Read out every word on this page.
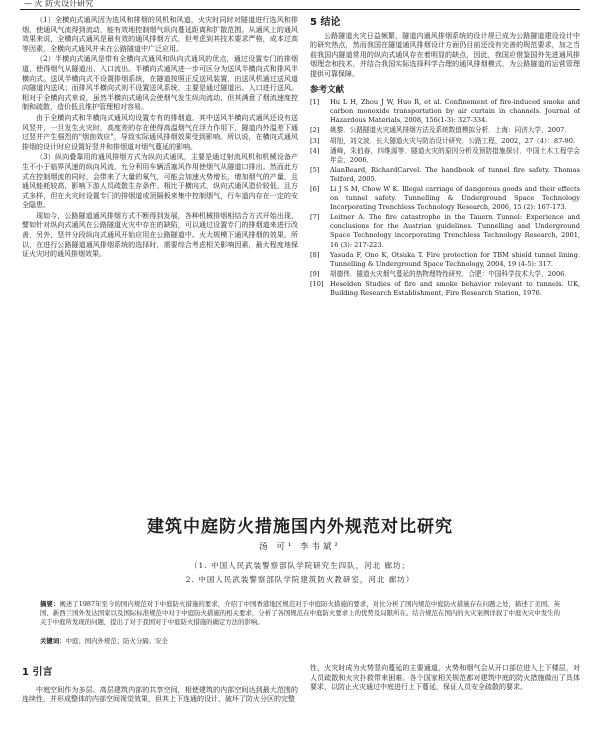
— 火 防火设计研究

（1）全横向式通风因为选风和排烟的风机和风道，火灾时同时对隧道进行选风和排烟，使通风气流得到流动，能有效地控制烟气纵向蔓延距离和扩散范围。从通风上的通风效果来说，全横向式通风是最有效的通风排烟方式，但考虑到其技术要求严格，成本过高等因素，全横向式通风并未在公路隧道中广泛应用。

（2）半横向式通风是带有全横向式通风和纵向式通风的优点，通过设置专门的排烟道，使得烟气从隧道出、入口流出。半横向式通风进一步可区分为送风半横向式和排风半横向式。送风半横向式不设置排烟系统，在隧道按照正反送风装置，由送风机通过送风道向隧道内送风；而排风半横向式则不设置送风系统，主要是通过隧道出、入口进行送风。相对于全横向式来说，虽然半横向式通风会使烟气发生纵向流动，但其满意了烟流速度控制和疏散，造价低且维护管理相对容易。

由于全横向式和半横向式通风均设置专有的排烟道，其中送风半横向式通风还设有送风竖井，一旦发生火灾时，高度差的存在使得高温烟气在浮力作用下，隧道内外温差下通过竖井产生强烈的"烟囱效应"，导致实际通风排烟效果受到影响。所以说，在横向式通风排烟的设计时应设置好竖井和排烟道对烟气蔓延的影响。

（3）纵向叠靠用的通风排烟方式为纵向式通风，主要是通过射流风机和机械设备产生不小于临界风速的纵向风流，允分利用车辆活塞风作用使烟气从隧道口排出。然而此方式在控制烟流的同时，会带来了大量的氧气，可能会加速火势增长，增加烟气的产量，且通风能耗较高，影响下游人员疏散生存条件。相比于横向式，纵向式通风造价较低，且方式多样，但在火灾时设置专门的排烟道或顶隔板来集中控制烟气，行车道内存在一定的安全隐患。

现如今，公路隧道通风排烟方式不断得到发展，各种机械排烟相结合方式开始出现，譬如针对纵向式通风在公路隧道火灾中存在的缺陷，可以通过设置专门的排烟道来进行改善，另外，竖井分段纵向式通风开始应用在公路隧道中。火大规模下通风排烟的效果，所以，在进行公路隧道通风排烟系统的选择时，需要综合考虑相关影响因素，最大程度地保证火灾时的通风排烟效果。

5 结论

公路隧道火灾日益频繁，隧道内通风排烟系统的设计规已成为公路隧道建设设计中的研究热点，然而我国在隧道通风排烟设计方面仍目前还没有完善的规范要求，加之当前我国内隧道常用的纵向式通风存在着明显的缺点，因此，我国应借鉴国外先进通风排烟理念和技术，并结合我国实际选择科学合理的通风排烟模式，为公路隧道的运营管理提供可靠保障。

参考文献
[1] Hu L H, Zhou J W, Huo R, et al. Confinement of fire-induced smoke and carbon monoxide transportation by air curtain in channels. Journal of Hazardous Materials, 2008, 156(1-3): 327-334.
[2] 姚黎．公路隧道火灾通风排烟方法及系统数值模拟分析．上海：同济大学，2007．
[3] 胡旭，刘文波．长大隧道火灾与防治设计研究．公路工程，2002，27（4）：87-90.
[4] 潘峰，朱伯春，四维源等．隧道火灾的原因分析及预防措施探讨．中国土木工程学会年会，2006．
[5] AlanBeard, RichardCarvel. The handbook of tunnel fire safety. Thomas Telford, 2005.
[6] Li J S M, Chow W K. Illegal carriage of dangerous goods and their effects on tunnel safety. Tunnelling & Underground Space Technology Incorporating Trenchless Technology Research, 2006, 15 (2): 167-173.
[7] Leitner A. The fire catastrophe in the Tauern Tunnel: Experience and conclusions for the Austrian guidelines. Tunnelling and Underground Space Technology incorporating Trenchless Technology Research, 2001, 16 (3): 217-223.
[8] Yasuda F, Ono K, Otsuka T. Fire protection for TBM shield tunnel lining. Tunnelling & Underground Space Technology, 2004, 19 (4-5): 317.
[9] 胡德伟．隧道火灾烟气蔓延的热物理特性研究．合肥：中国科学技术大学，2006．
[10] Heselden Studies of fire and smoke behavior relevant to tunnels. UK, Building Research Establishment, Fire Research Station, 1976.
建筑中庭防火措施国内外规范对比研究
汤 可¹ 李韦斌²
（1. 中国人民武装警察部队学院研究生四队，河北 廊坊；
2. 中国人民武装警察部队学院建筑防火教研室，河北 廊坊）
摘要：阐述了1987年至今的国内规范对于中庭防火措施的要求，介绍了中国香港地区规范对于中庭防火措施的要求，对比分析了国内规范中庭防火措施存在问题之处，描述了美国、英国、新西兰国外发达国家以及国际标准规范中对于中庭防火措施的相关要求，分析了各国规范在中庭防火要求上的优势及局限所在。结合规范在国内的火灾案例详叙了中庭火灾中发生的关于中庭所发现的问题，提出了对于我国对于中庭防火措施的确定方法的影响。
关键词：中庭；国内外规范；防火分隔；安全
1 引言

中庭空间作为多层、高层建筑内部的共享空间，相使建筑的内部空间达到最大范围的连续性，并形成整体的内部空间视觉效果，但其上下连通的设计，破坏了防火分区的完整

性，火灾时成为火势竖向蔓延的主要通道，火势和烟气会从开口部位进入上下楼层，对人员疏散和火灾扑救带来困难。各个国家相关规范都对建筑中庭的防火措施做出了具体要求，以防止火灾通过中庭进行上下蔓延，保证人员安全疏散的要求。
